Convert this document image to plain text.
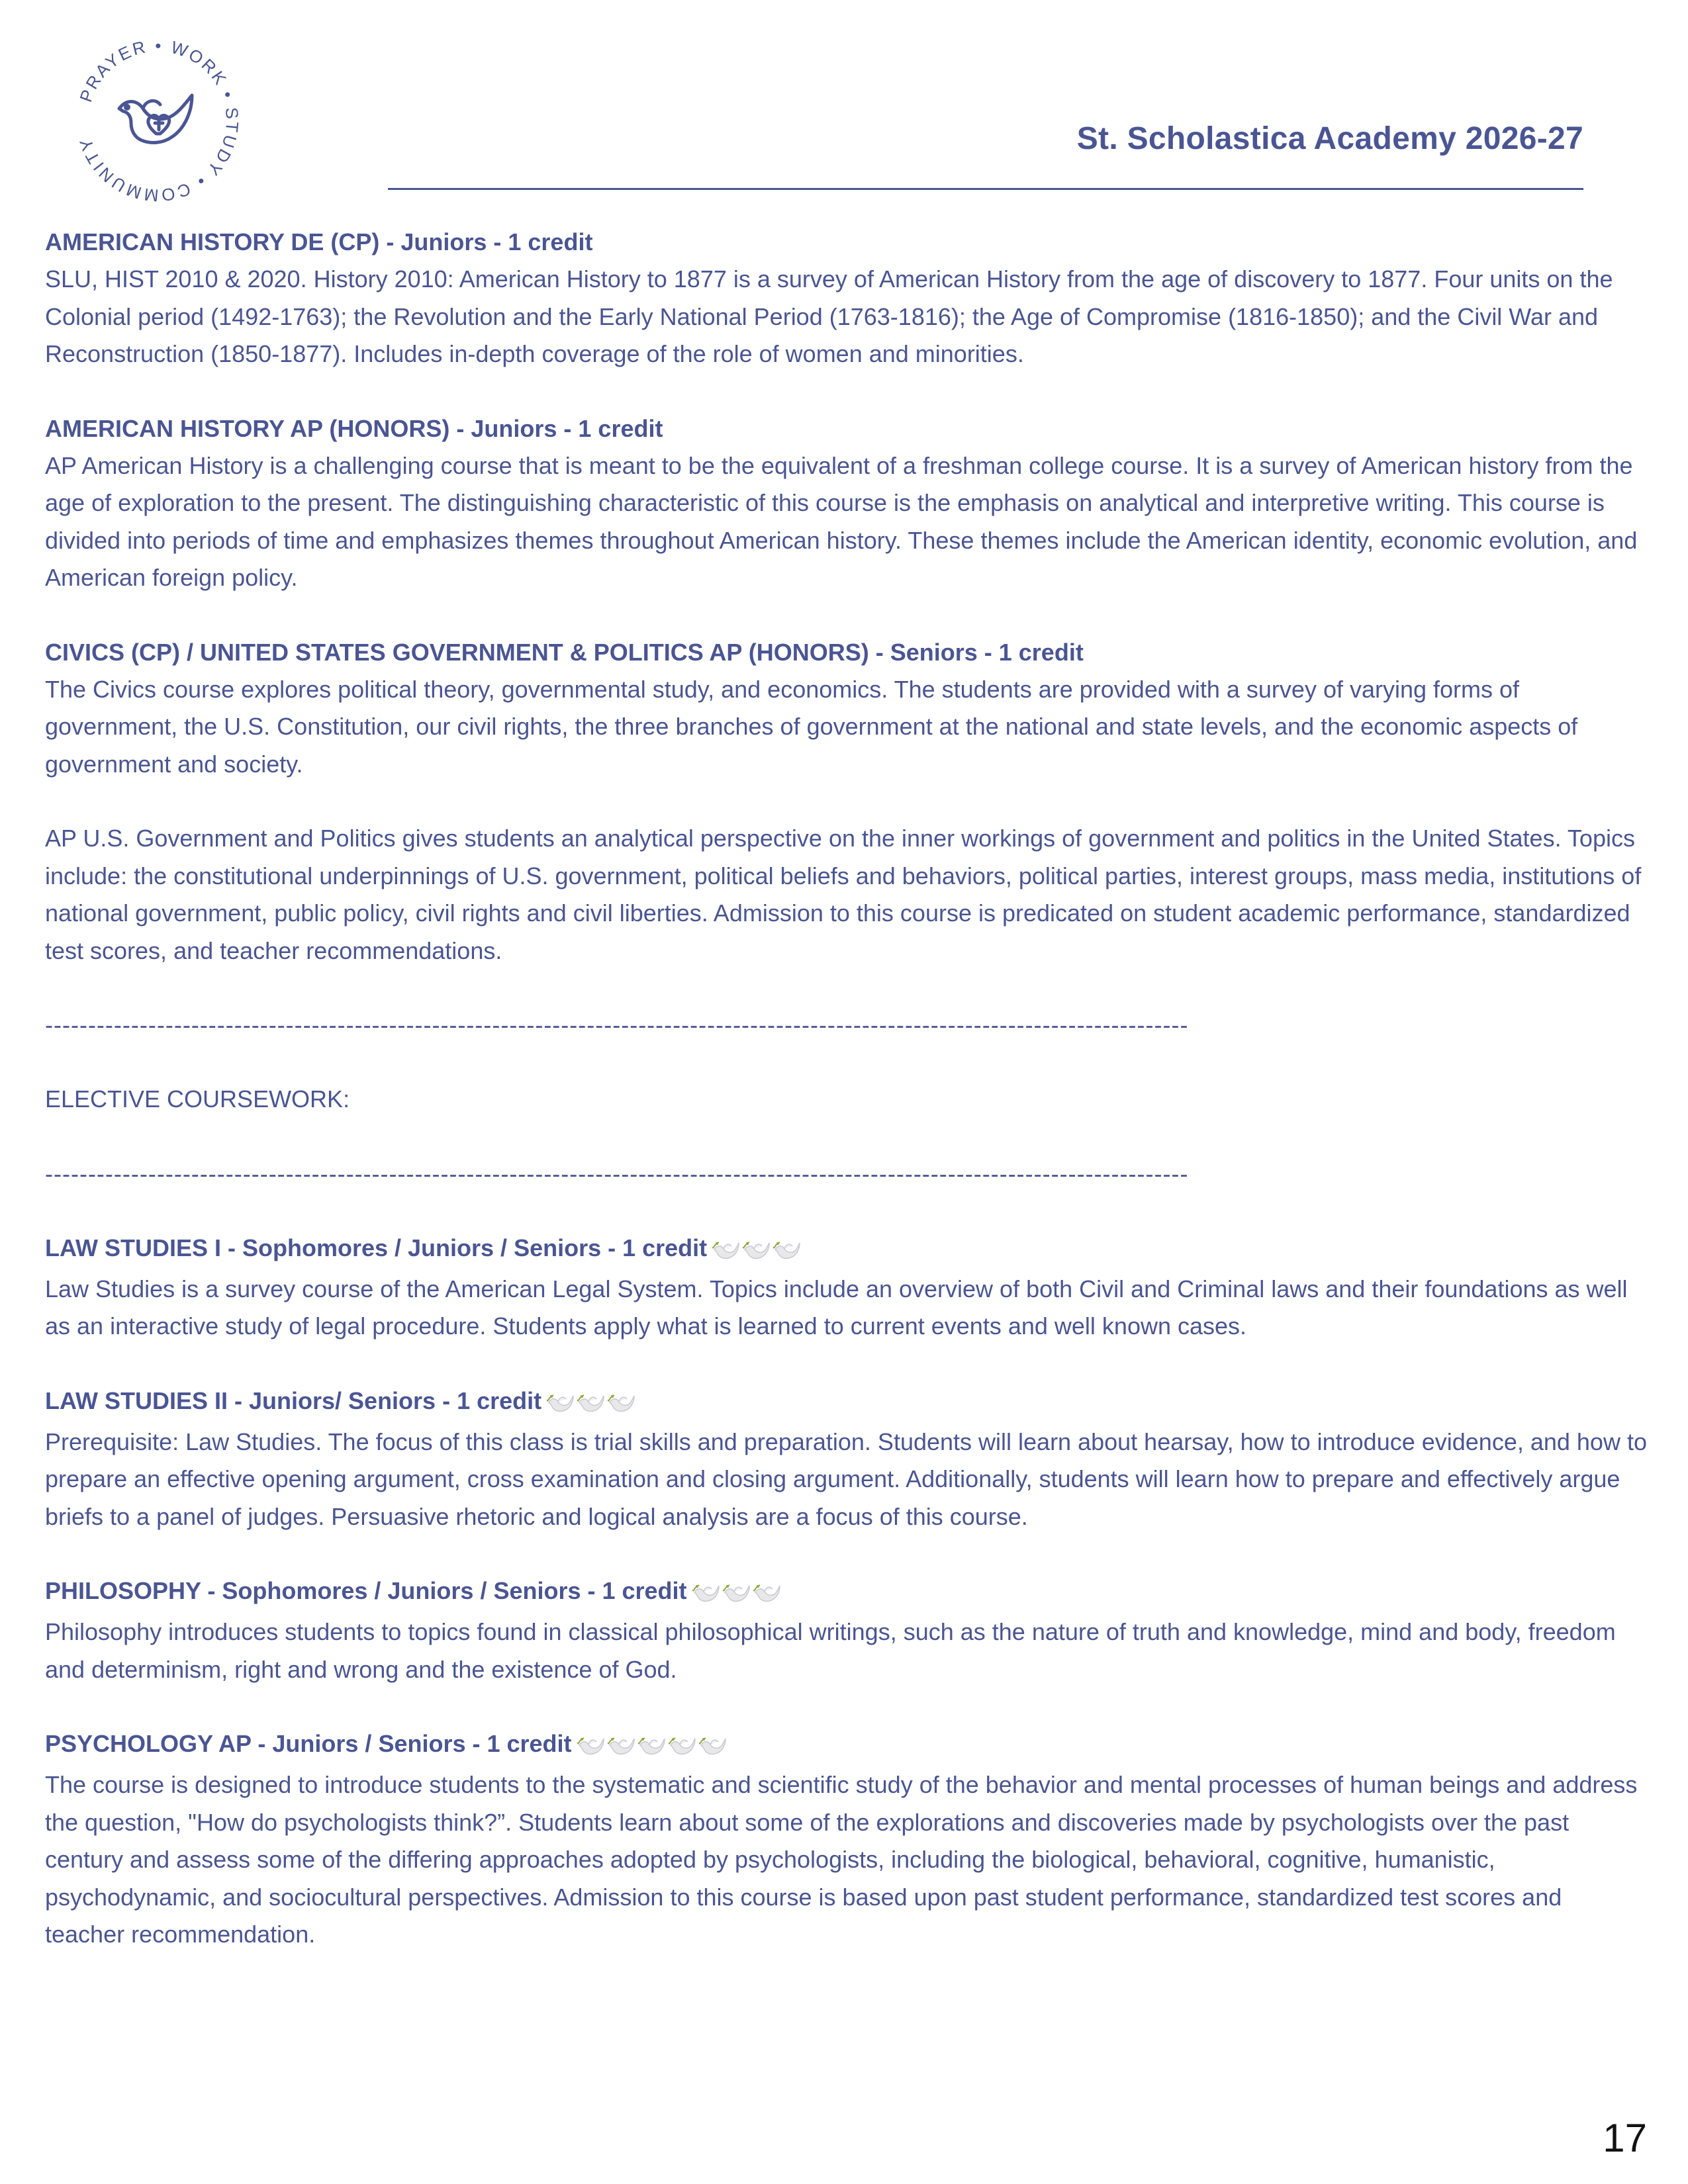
PRAYER • WORK • STUDY • COMMUNITY	St. Scholastica Academy 2026-27
AMERICAN HISTORY DE (CP) - Juniors - 1 credit
SLU, HIST 2010 & 2020. History 2010: American History to 1877 is a survey of American History from the age of discovery to 1877. Four units on the Colonial period (1492-1763); the Revolution and the Early National Period (1763-1816); the Age of Compromise (1816-1850); and the Civil War and Reconstruction (1850-1877). Includes in-depth coverage of the role of women and minorities.
AMERICAN HISTORY AP (HONORS) - Juniors - 1 credit
AP American History is a challenging course that is meant to be the equivalent of a freshman college course. It is a survey of American history from the age of exploration to the present. The distinguishing characteristic of this course is the emphasis on analytical and interpretive writing. This course is divided into periods of time and emphasizes themes throughout American history. These themes include the American identity, economic evolution, and American foreign policy.
CIVICS (CP) / UNITED STATES GOVERNMENT & POLITICS AP (HONORS) - Seniors - 1 credit
The Civics course explores political theory, governmental study, and economics. The students are provided with a survey of varying forms of government, the U.S. Constitution, our civil rights, the three branches of government at the national and state levels, and the economic aspects of government and society.
AP U.S. Government and Politics gives students an analytical perspective on the inner workings of government and politics in the United States. Topics include: the constitutional underpinnings of U.S. government, political beliefs and behaviors, political parties, interest groups, mass media, institutions of national government, public policy, civil rights and civil liberties. Admission to this course is predicated on student academic performance, standardized test scores, and teacher recommendations.
-------------------------------------------------------------------------------------------------------------------------------------
ELECTIVE COURSEWORK:
-------------------------------------------------------------------------------------------------------------------------------------
LAW STUDIES I - Sophomores / Juniors / Seniors - 1 credit
Law Studies is a survey course of the American Legal System. Topics include an overview of both Civil and Criminal laws and their foundations as well as an interactive study of legal procedure. Students apply what is learned to current events and well known cases.
LAW STUDIES II - Juniors/ Seniors - 1 credit
Prerequisite: Law Studies. The focus of this class is trial skills and preparation. Students will learn about hearsay, how to introduce evidence, and how to prepare an effective opening argument, cross examination and closing argument. Additionally, students will learn how to prepare and effectively argue briefs to a panel of judges. Persuasive rhetoric and logical analysis are a focus of this course.
PHILOSOPHY - Sophomores / Juniors / Seniors - 1 credit
Philosophy introduces students to topics found in classical philosophical writings, such as the nature of truth and knowledge, mind and body, freedom and determinism, right and wrong and the existence of God.
PSYCHOLOGY AP - Juniors / Seniors - 1 credit
The course is designed to introduce students to the systematic and scientific study of the behavior and mental processes of human beings and address the question, "How do psychologists think?”. Students learn about some of the explorations and discoveries made by psychologists over the past century and assess some of the differing approaches adopted by psychologists, including the biological, behavioral, cognitive, humanistic, psychodynamic, and sociocultural perspectives. Admission to this course is based upon past student performance, standardized test scores and teacher recommendation.
17
